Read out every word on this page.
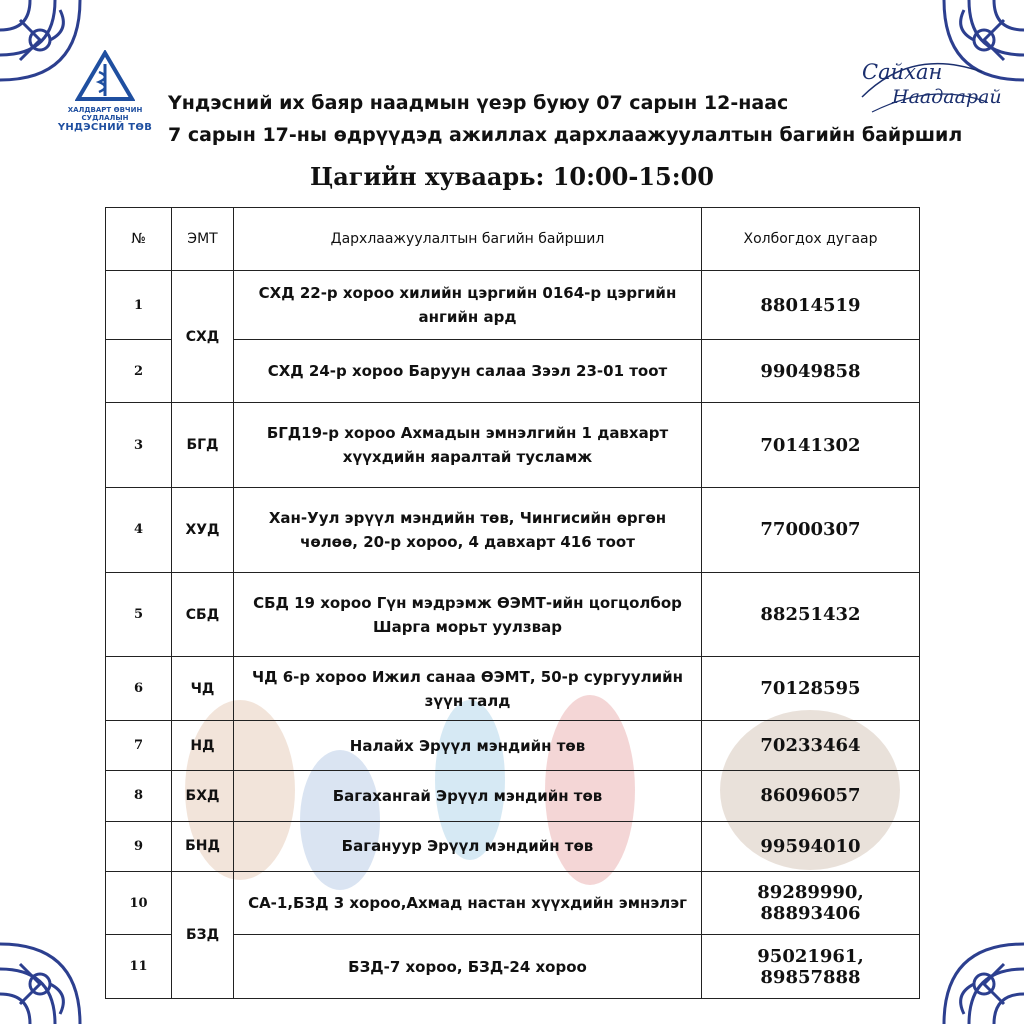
ХАЛДВАРТ ӨВЧИН СУДЛАЛЫН
ҮНДЭСНИЙ ТӨВ
Сайхан
Наадаарай
Үндэсний их баяр наадмын үеэр буюу 07 сарын 12-наас
7 сарын 17-ны өдрүүдэд ажиллах дархлаажуулалтын багийн байршил
Цагийн хуваарь: 10:00-15:00
№	ЭМТ	Дархлаажуулалтын багийн байршил	Холбогдох дугаар
1	СХД	СХД 22-р хороо хилийн цэргийн 0164-р цэргийн ангийн ард	88014519
2		СХД 24-р хороо Баруун салаа Зээл 23-01 тоот	99049858
3	БГД	БГД19-р хороо Ахмадын эмнэлгийн 1 давхарт хүүхдийн яаралтай тусламж	70141302
4	ХУД	Хан-Уул эрүүл мэндийн төв, Чингисийн өргөн чөлөө, 20-р хороо, 4 давхарт 416 тоот	77000307
5	СБД	СБД 19 хороо Гүн мэдрэмж ӨЭМТ-ийн цогцолбор Шарга морьт уулзвар	88251432
6	ЧД	ЧД 6-р хороо Ижил санаа ӨЭМТ, 50-р сургуулийн зүүн талд	70128595
7	НД	Налайх Эрүүл мэндийн төв	70233464
8	БХД	Багахангай Эрүүл мэндийн төв	86096057
9	БНД	Багануур Эрүүл мэндийн төв	99594010
10	БЗД	СА-1,БЗД 3 хороо,Ахмад настан хүүхдийн эмнэлэг	89289990, 88893406
11		БЗД-7 хороо, БЗД-24 хороо	95021961, 89857888
